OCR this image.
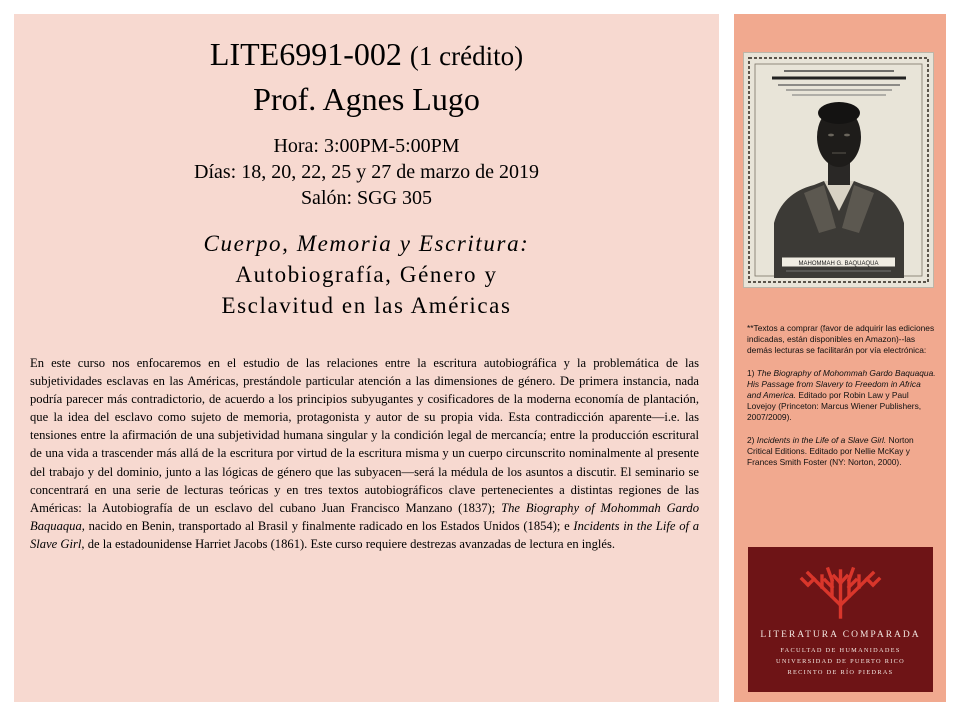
LITE6991-002 (1 crédito)
Prof. Agnes Lugo
Hora: 3:00PM-5:00PM
Días: 18, 20, 22, 25 y 27 de marzo de 2019
Salón: SGG 305
Cuerpo, Memoria y Escritura:
Autobiografía, Género y
Esclavitud en las Américas
En este curso nos enfocaremos en el estudio de las relaciones entre la escritura autobiográfica y la problemática de las subjetividades esclavas en las Américas, prestándole particular atención a las dimensiones de género. De primera instancia, nada podría parecer más contradictorio, de acuerdo a los principios subyugantes y cosificadores de la moderna economía de plantación, que la idea del esclavo como sujeto de memoria, protagonista y autor de su propia vida. Esta contradicción aparente—i.e. las tensiones entre la afirmación de una subjetividad humana singular y la condición legal de mercancía; entre la producción escritural de una vida a trascender más allá de la escritura por virtud de la escritura misma y un cuerpo circunscrito nominalmente al presente del trabajo y del dominio, junto a las lógicas de género que las subyacen—será la médula de los asuntos a discutir. El seminario se concentrará en una serie de lecturas teóricas y en tres textos autobiográficos clave pertenecientes a distintas regiones de las Américas: la Autobiografía de un esclavo del cubano Juan Francisco Manzano (1837); The Biography of Mohommah Gardo Baquaqua, nacido en Benin, transportado al Brasil y finalmente radicado en los Estados Unidos (1854); e Incidents in the Life of a Slave Girl, de la estadounidense Harriet Jacobs (1861). Este curso requiere destrezas avanzadas de lectura en inglés.
MAHOMMAH G. BAQUAQUA

**Textos a comprar (favor de adquirir las ediciones indicadas, están disponibles en Amazon)--las demás lecturas se facilitarán por vía electrónica:

1) The Biography of Mohommah Gardo Baquaqua. His Passage from Slavery to Freedom in Africa and America. Editado por Robin Law y Paul Lovejoy (Princeton: Marcus Wiener Publishers, 2007/2009).

2) Incidents in the Life of a Slave Girl. Norton Critical Editions. Editado por Nellie McKay y Frances Smith Foster (NY: Norton, 2000).

LITERATURA COMPARADA
FACULTAD DE HUMANIDADES
UNIVERSIDAD DE PUERTO RICO
RECINTO DE RÍO PIEDRAS
